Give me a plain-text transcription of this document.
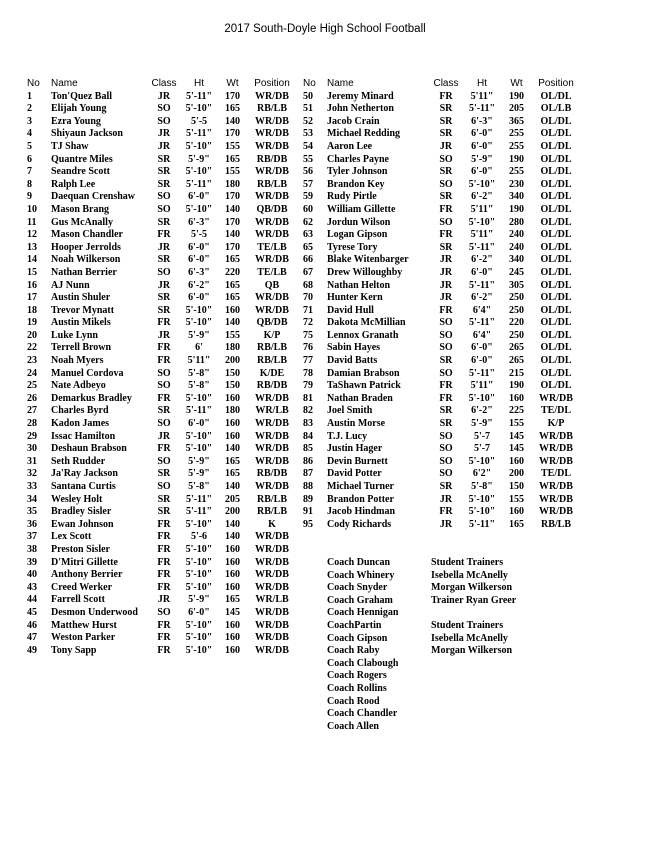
2017 South-Doyle High School Football
No	Name	Class	Ht	Wt	Position
1	Ton'Quez Ball	JR	5'-11"	170	WR/DB
2	Elijah Young	SO	5'-10"	165	RB/LB
3	Ezra Young	SO	5'-5	140	WR/DB
4	Shiyaun Jackson	JR	5'-11"	170	WR/DB
5	TJ Shaw	JR	5'-10"	155	WR/DB
6	Quantre Miles	SR	5'-9"	165	RB/DB
7	Seandre Scott	SR	5'-10"	155	WR/DB
8	Ralph Lee	SR	5'-11"	180	RB/LB
9	Daequan Crenshaw	SO	6'-0"	170	WR/DB
10	Mason Brang	SO	5'-10"	140	QB/DB
11	Gus McAnally	SR	6'-3"	170	WR/DB
12	Mason Chandler	FR	5'-5	140	WR/DB
13	Hooper Jerrolds	JR	6'-0"	170	TE/LB
14	Noah Wilkerson	SR	6'-0"	165	WR/DB
15	Nathan Berrier	SO	6'-3"	220	TE/LB
16	AJ Nunn	JR	6'-2"	165	QB
17	Austin Shuler	SR	6'-0"	165	WR/DB
18	Trevor Mynatt	SR	5'-10"	160	WR/DB
19	Austin Mikels	FR	5'-10"	140	QB/DB
20	Luke Lynn	JR	5'-9"	155	K/P
22	Terrell Brown	FR	6'	180	RB/LB
23	Noah Myers	FR	5'11"	200	RB/LB
24	Manuel Cordova	SO	5'-8"	150	K/DE
25	Nate Adbeyo	SO	5'-8"	150	RB/DB
26	Demarkus Bradley	FR	5'-10"	160	WR/DB
27	Charles Byrd	SR	5'-11"	180	WR/LB
28	Kadon James	SO	6'-0"	160	WR/DB
29	Issac Hamilton	JR	5'-10"	160	WR/DB
30	Deshaun Brabson	FR	5'-10"	140	WR/DB
31	Seth Rudder	SO	5'-9"	165	WR/DB
32	Ja'Ray Jackson	SR	5'-9"	165	RB/DB
33	Santana Curtis	SO	5'-8"	140	WR/DB
34	Wesley Holt	SR	5'-11"	205	RB/LB
35	Bradley Sisler	SR	5'-11"	200	RB/LB
36	Ewan Johnson	FR	5'-10"	140	K
37	Lex Scott	FR	5'-6	140	WR/DB
38	Preston Sisler	FR	5'-10"	160	WR/DB
39	D'Mitri Gillette	FR	5'-10"	160	WR/DB
40	Anthony Berrier	FR	5'-10"	160	WR/DB
43	Creed Werker	FR	5'-10"	160	WR/DB
44	Farrell Scott	JR	5'-9"	165	WR/LB
45	Desmon Underwood	SO	6'-0"	145	WR/DB
46	Matthew Hurst	FR	5'-10"	160	WR/DB
47	Weston Parker	FR	5'-10"	160	WR/DB
49	Tony Sapp	FR	5'-10"	160	WR/DB
No	Name	Class	Ht	Wt	Position
50	Jeremy Minard	FR	5'11"	190	OL/DL
51	John Netherton	SR	5'-11"	205	OL/LB
52	Jacob Crain	SR	6'-3"	365	OL/DL
53	Michael Redding	SR	6'-0"	255	OL/DL
54	Aaron Lee	JR	6'-0"	255	OL/DL
55	Charles Payne	SO	5'-9"	190	OL/DL
56	Tyler Johnson	SR	6'-0"	255	OL/DL
57	Brandon Key	SO	5'-10"	230	OL/DL
59	Rudy Pirtle	SR	6'-2"	340	OL/DL
60	William Gillette	FR	5'11"	190	OL/DL
62	Jordun Wilson	SO	5'-10"	280	OL/DL
63	Logan Gipson	FR	5'11"	240	OL/DL
65	Tyrese Tory	SR	5'-11"	240	OL/DL
66	Blake Witenbarger	JR	6'-2"	340	OL/DL
67	Drew Willoughby	JR	6'-0"	245	OL/DL
68	Nathan Helton	JR	5'-11"	305	OL/DL
70	Hunter Kern	JR	6'-2"	250	OL/DL
71	David Hull	FR	6'4"	250	OL/DL
72	Dakota McMillian	SO	5'-11"	220	OL/DL
75	Lennox Granath	SO	6'4"	250	OL/DL
76	Sabin Hayes	SO	6'-0"	265	OL/DL
77	David Batts	SR	6'-0"	265	OL/DL
78	Damian Brabson	SO	5'-11"	215	OL/DL
79	TaShawn Patrick	FR	5'11"	190	OL/DL
81	Nathan Braden	FR	5'-10"	160	WR/DB
82	Joel Smith	SR	6'-2"	225	TE/DL
83	Austin Morse	SR	5'-9"	155	K/P
84	T.J. Lucy	SO	5'-7	145	WR/DB
85	Justin Hager	SO	5'-7	145	WR/DB
86	Devin Burnett	SO	5'-10"	160	WR/DB
87	David Potter	SO	6'2"	200	TE/DL
88	Michael Turner	SR	5'-8"	150	WR/DB
89	Brandon Potter	JR	5'-10"	155	WR/DB
91	Jacob Hindman	FR	5'-10"	160	WR/DB
95	Cody Richards	JR	5'-11"	165	RB/LB
Coach Duncan
Coach Whinery
Coach Snyder
Coach Graham
Coach Hennigan
CoachPartin
Coach Gipson
Coach Raby
Coach Clabough
Coach Rogers
Coach Rollins
Coach Rood
Coach Chandler
Coach Allen
Student Trainers
Isebella McAnelly
Morgan Wilkerson
Trainer Ryan Greer
Student Trainers
Isebella McAnelly
Morgan Wilkerson
